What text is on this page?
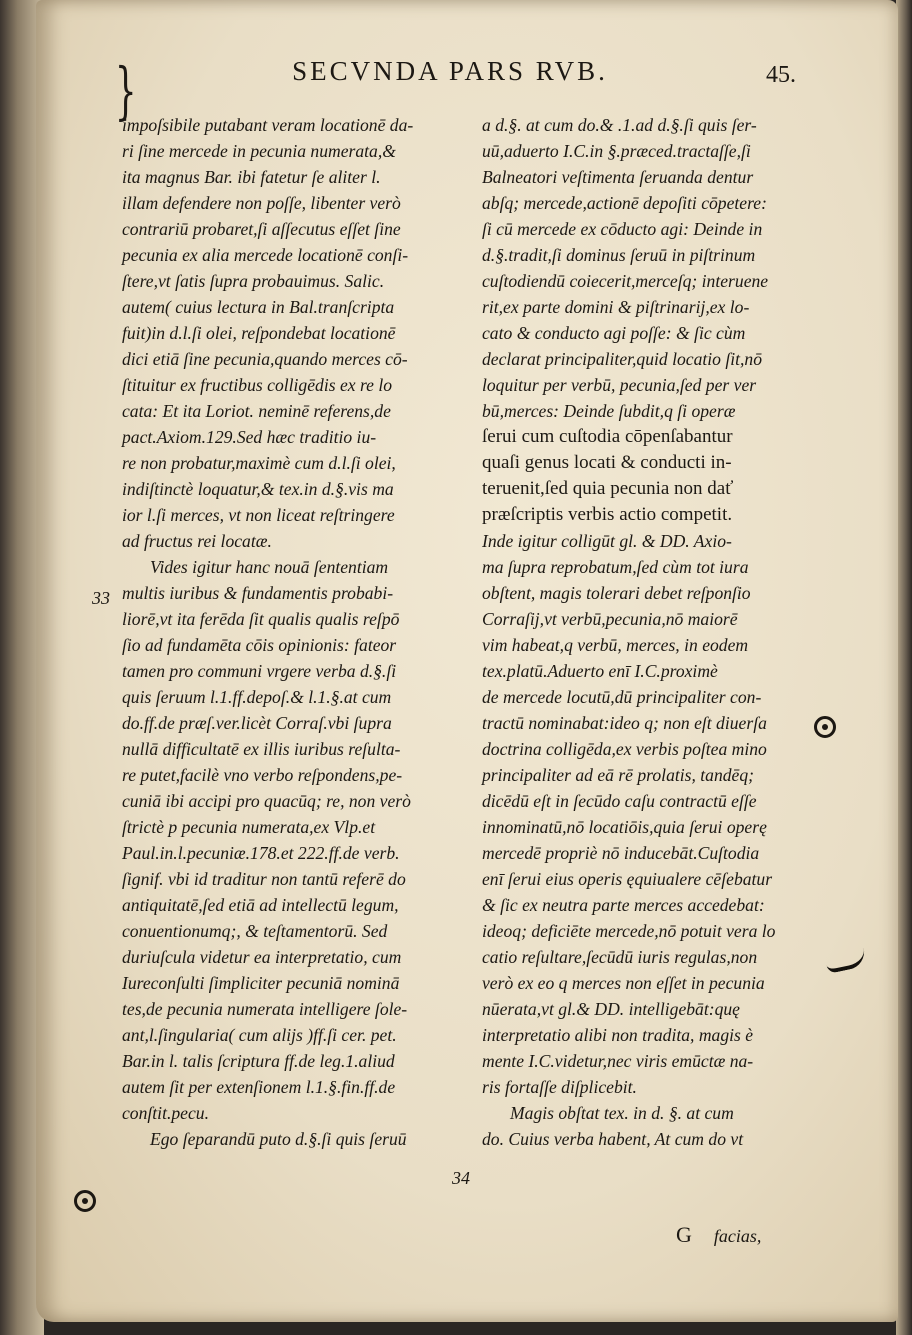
}	SECVNDA PARS RVB.	45.
impoſsibile putabant veram locationē da-
ri ſine mercede in pecunia numerata,&
ita magnus Bar. ibi fatetur ſe aliter l.
illam defendere non poſſe, libenter verò
contrariū probaret,ſi aſſecutus eſſet ſine
pecunia ex alia mercede locationē conſi-
ſtere,vt ſatis ſupra probauimus. Salic.
autem( cuius lectura in Bal.tranſcripta
fuit)in d.l.ſi olei, reſpondebat locationē
dici etiā ſine pecunia,quando merces cō-
ſtituitur ex fructibus colligēdis ex re lo
cata: Et ita Loriot. neminē referens,de
pact.Axiom.129.Sed hæc traditio iu-
re non probatur,maximè cum d.l.ſi olei,
indiſtinctè loquatur,& tex.in d.§.vis ma
ior l.ſi merces, vt non liceat reſtringere
ad fructus rei locatæ.
Vides igitur hanc nouā ſententiam
multis iuribus & fundamentis probabi-
liorē,vt ita ferēda ſit qualis qualis reſpō
ſio ad fundamēta cōis opinionis: fateor
tamen pro communi vrgere verba d.§.ſi
quis ſeruum l.1.ff.depoſ.& l.1.§.at cum
do.ff.de præſ.ver.licèt Corraſ.vbi ſupra
nullā difficultatē ex illis iuribus reſulta-
re putet,facilè vno verbo reſpondens,pe-
cuniā ibi accipi pro quacūq; re, non verò
ſtrictè p pecunia numerata,ex Vlp.et
Paul.in.l.pecuniæ.178.et 222.ff.de verb.
ſignif. vbi id traditur non tantū referē do
antiquitatē,ſed etiā ad intellectū legum,
conuentionumq;, & teſtamentorū. Sed
duriuſcula videtur ea interpretatio, cum
Iureconſulti ſimpliciter pecuniā nominā
tes,de pecunia numerata intelligere ſole-
ant,l.ſingularia( cum alijs )ff.ſi cer. pet.
Bar.in l. talis ſcriptura ff.de leg.1.aliud
autem ſit per extenſionem l.1.§.fin.ff.de
conſtit.pecu.
Ego ſeparandū puto d.§.ſi quis ſeruū
a d.§. at cum do.& .1.ad d.§.ſi quis ſer-
uū,aduerto I.C.in §.præced.tractaſſe,ſi
Balneatori veſtimenta ſeruanda dentur
abſq; mercede,actionē depoſiti cōpetere:
ſi cū mercede ex cōducto agi: Deinde in
d.§.tradit,ſi dominus ſeruū in piſtrinum
cuſtodiendū coiecerit,merceſq; interuene
rit,ex parte domini & piſtrinarij,ex lo-
cato & conducto agi poſſe: & ſic cùm
declarat principaliter,quid locatio ſit,nō
loquitur per verbū, pecunia,ſed per ver
bū,merces: Deinde ſubdit,q ſi operæ
ſerui cum cuſtodia cōpenſabantur
quaſi genus locati & conducti in-
teruenit,ſed quia pecunia non dať
præſcriptis verbis actio competit.
Inde igitur colligūt gl. & DD. Axio-
ma ſupra reprobatum,ſed cùm tot iura
obſtent, magis tolerari debet reſponſio
Corraſij,vt verbū,pecunia,nō maiorē
vim habeat,q verbū, merces, in eodem
tex.platū.Aduerto enī I.C.proximè
de mercede locutū,dū principaliter con-
tractū nominabat:ideo q; non eſt diuerſa
doctrina colligēda,ex verbis poſtea mino
principaliter ad eā rē prolatis, tandēq;
dicēdū eſt in ſecūdo caſu contractū eſſe
innominatū,nō locatiōis,quia ſerui operę
mercedē propriè nō inducebāt.Cuſtodia
enī ſerui eius operis ęquiualere cēſebatur
& ſic ex neutra parte merces accedebat:
ideoq; deficiēte mercede,nō potuit vera lo
catio reſultare,ſecūdū iuris regulas,non
verò ex eo q merces non eſſet in pecunia
nūerata,vt gl.& DD. intelligebāt:quę
interpretatio alibi non tradita, magis è
mente I.C.videtur,nec viris emūctæ na-
ris fortaſſe diſplicebit.
Magis obſtat tex. in d. §. at cum
do. Cuius verba habent, At cum do vt
33
34
G facias,
